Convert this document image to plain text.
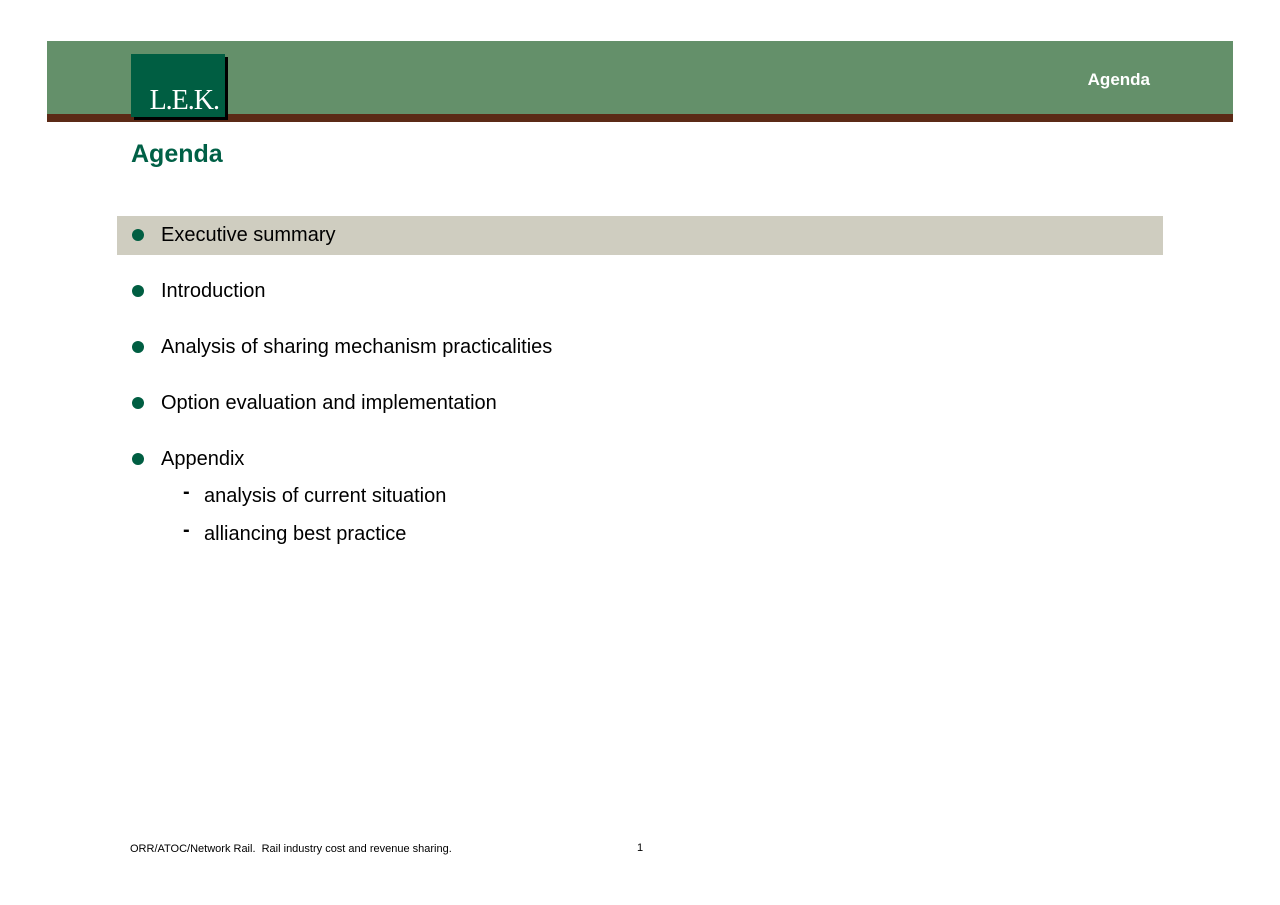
L.E.K.
Agenda
Agenda
Executive summary
Introduction
Analysis of sharing mechanism practicalities
Option evaluation and implementation
Appendix
- analysis of current situation
- alliancing best practice
ORR/ATOC/Network Rail.  Rail industry cost and revenue sharing.	1
